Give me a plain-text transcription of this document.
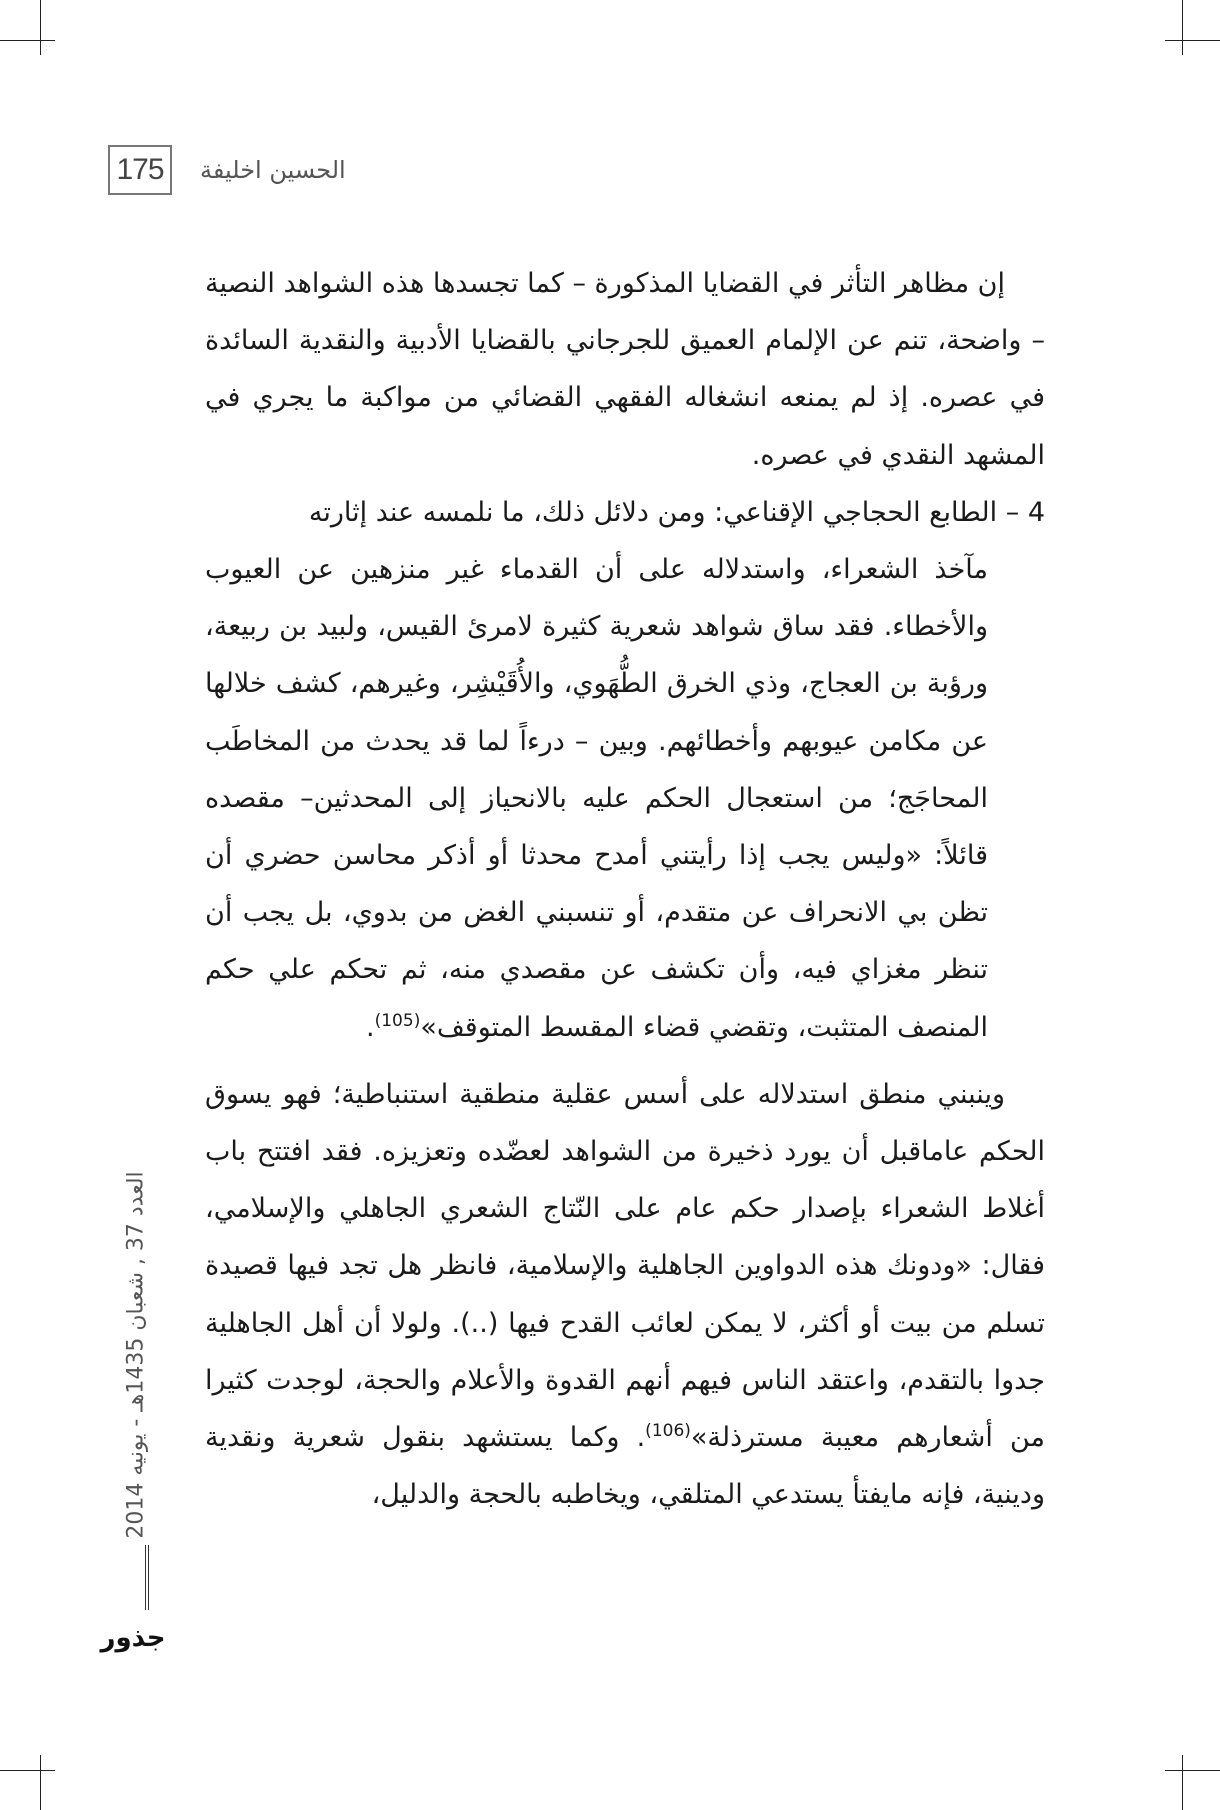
175	الحسين اخليفة

إن مظاهر التأثر في القضايا المذكورة – كما تجسدها هذه الشواهد النصية – واضحة، تنم عن الإلمام العميق للجرجاني بالقضايا الأدبية والنقدية السائدة في عصره. إذ لم يمنعه انشغاله الفقهي القضائي من مواكبة ما يجري في المشهد النقدي في عصره.

4 – الطابع الحجاجي الإقناعي: ومن دلائل ذلك، ما نلمسه عند إثارته

مآخذ الشعراء، واستدلاله على أن القدماء غير منزهين عن العيوب والأخطاء. فقد ساق شواهد شعرية كثيرة لامرئ القيس، ولبيد بن ربيعة، ورؤبة بن العجاج، وذي الخرق الطُّهَوي، والأُقَيْشِر، وغيرهم، كشف خلالها عن مكامن عيوبهم وأخطائهم. وبين – درءاً لما قد يحدث من المخاطَب المحاجَج؛ من استعجال الحكم عليه بالانحياز إلى المحدثين– مقصده قائلاً: «وليس يجب إذا رأيتني أمدح محدثا أو أذكر محاسن حضري أن تظن بي الانحراف عن متقدم، أو تنسبني الغض من بدوي، بل يجب أن تنظر مغزاي فيه، وأن تكشف عن مقصدي منه، ثم تحكم علي حكم المنصف المتثبت، وتقضي قضاء المقسط المتوقف»$^{(105)}$.

وينبني منطق استدلاله على أسس عقلية منطقية استنباطية؛ فهو يسوق الحكم عاماقبل أن يورد ذخيرة من الشواهد لعضّده وتعزيزه. فقد افتتح باب أغلاط الشعراء بإصدار حكم عام على النّتاج الشعري الجاهلي والإسلامي، فقال: «ودونك هذه الدواوين الجاهلية والإسلامية، فانظر هل تجد فيها قصيدة تسلم من بيت أو أكثر، لا يمكن لعائب القدح فيها (..). ولولا أن أهل الجاهلية جدوا بالتقدم، واعتقد الناس فيهم أنهم القدوة والأعلام والحجة، لوجدت كثيرا من أشعارهم معيبة مسترذلة»$^{(106)}$. وكما يستشهد بنقول شعرية ونقدية ودينية، فإنه مايفتأ يستدعي المتلقي، ويخاطبه بالحجة والدليل،

العدد 37 , شعبان 1435هـ - يونيه 2014
جذور
